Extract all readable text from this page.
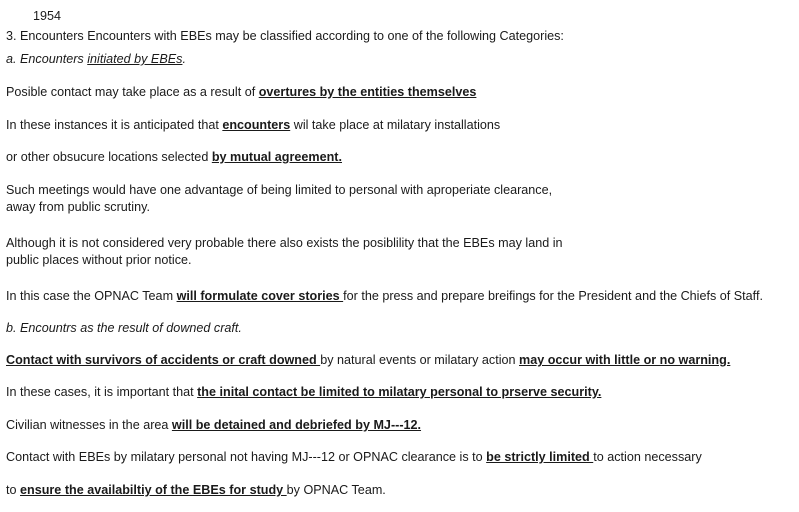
1954
3. Encounters Encounters with EBEs may be classified according to one of the following Categories:
a. Encounters initiated by EBEs.
Posible contact may take place as a result of overtures by the entities themselves
In these instances it is anticipated that encounters wil take place at milatary installations
or other obsucure locations selected by mutual agreement.
Such meetings would have one advantage of being limited to personal with aproperiate clearance,
away from public scrutiny.
Although it is not considered very probable there also exists the posiblility that the EBEs may land in
public places without prior notice.
In this case the OPNAC Team will formulate cover stories for the press and prepare breifings for the President and the Chiefs of Staff.
b. Encountrs as the result of downed craft.
Contact with survivors of accidents or craft downed by natural events or milatary action may occur with little or no warning.
In these cases, it is important that the inital contact be limited to milatary personal to prserve security.
Civilian witnesses in the area will be detained and debriefed by MJ---12.
Contact with EBEs by milatary personal not having MJ---12 or OPNAC clearance is to be strictly limited to action necessary
to ensure the availabiltiy of the EBEs for study by OPNAC Team.
